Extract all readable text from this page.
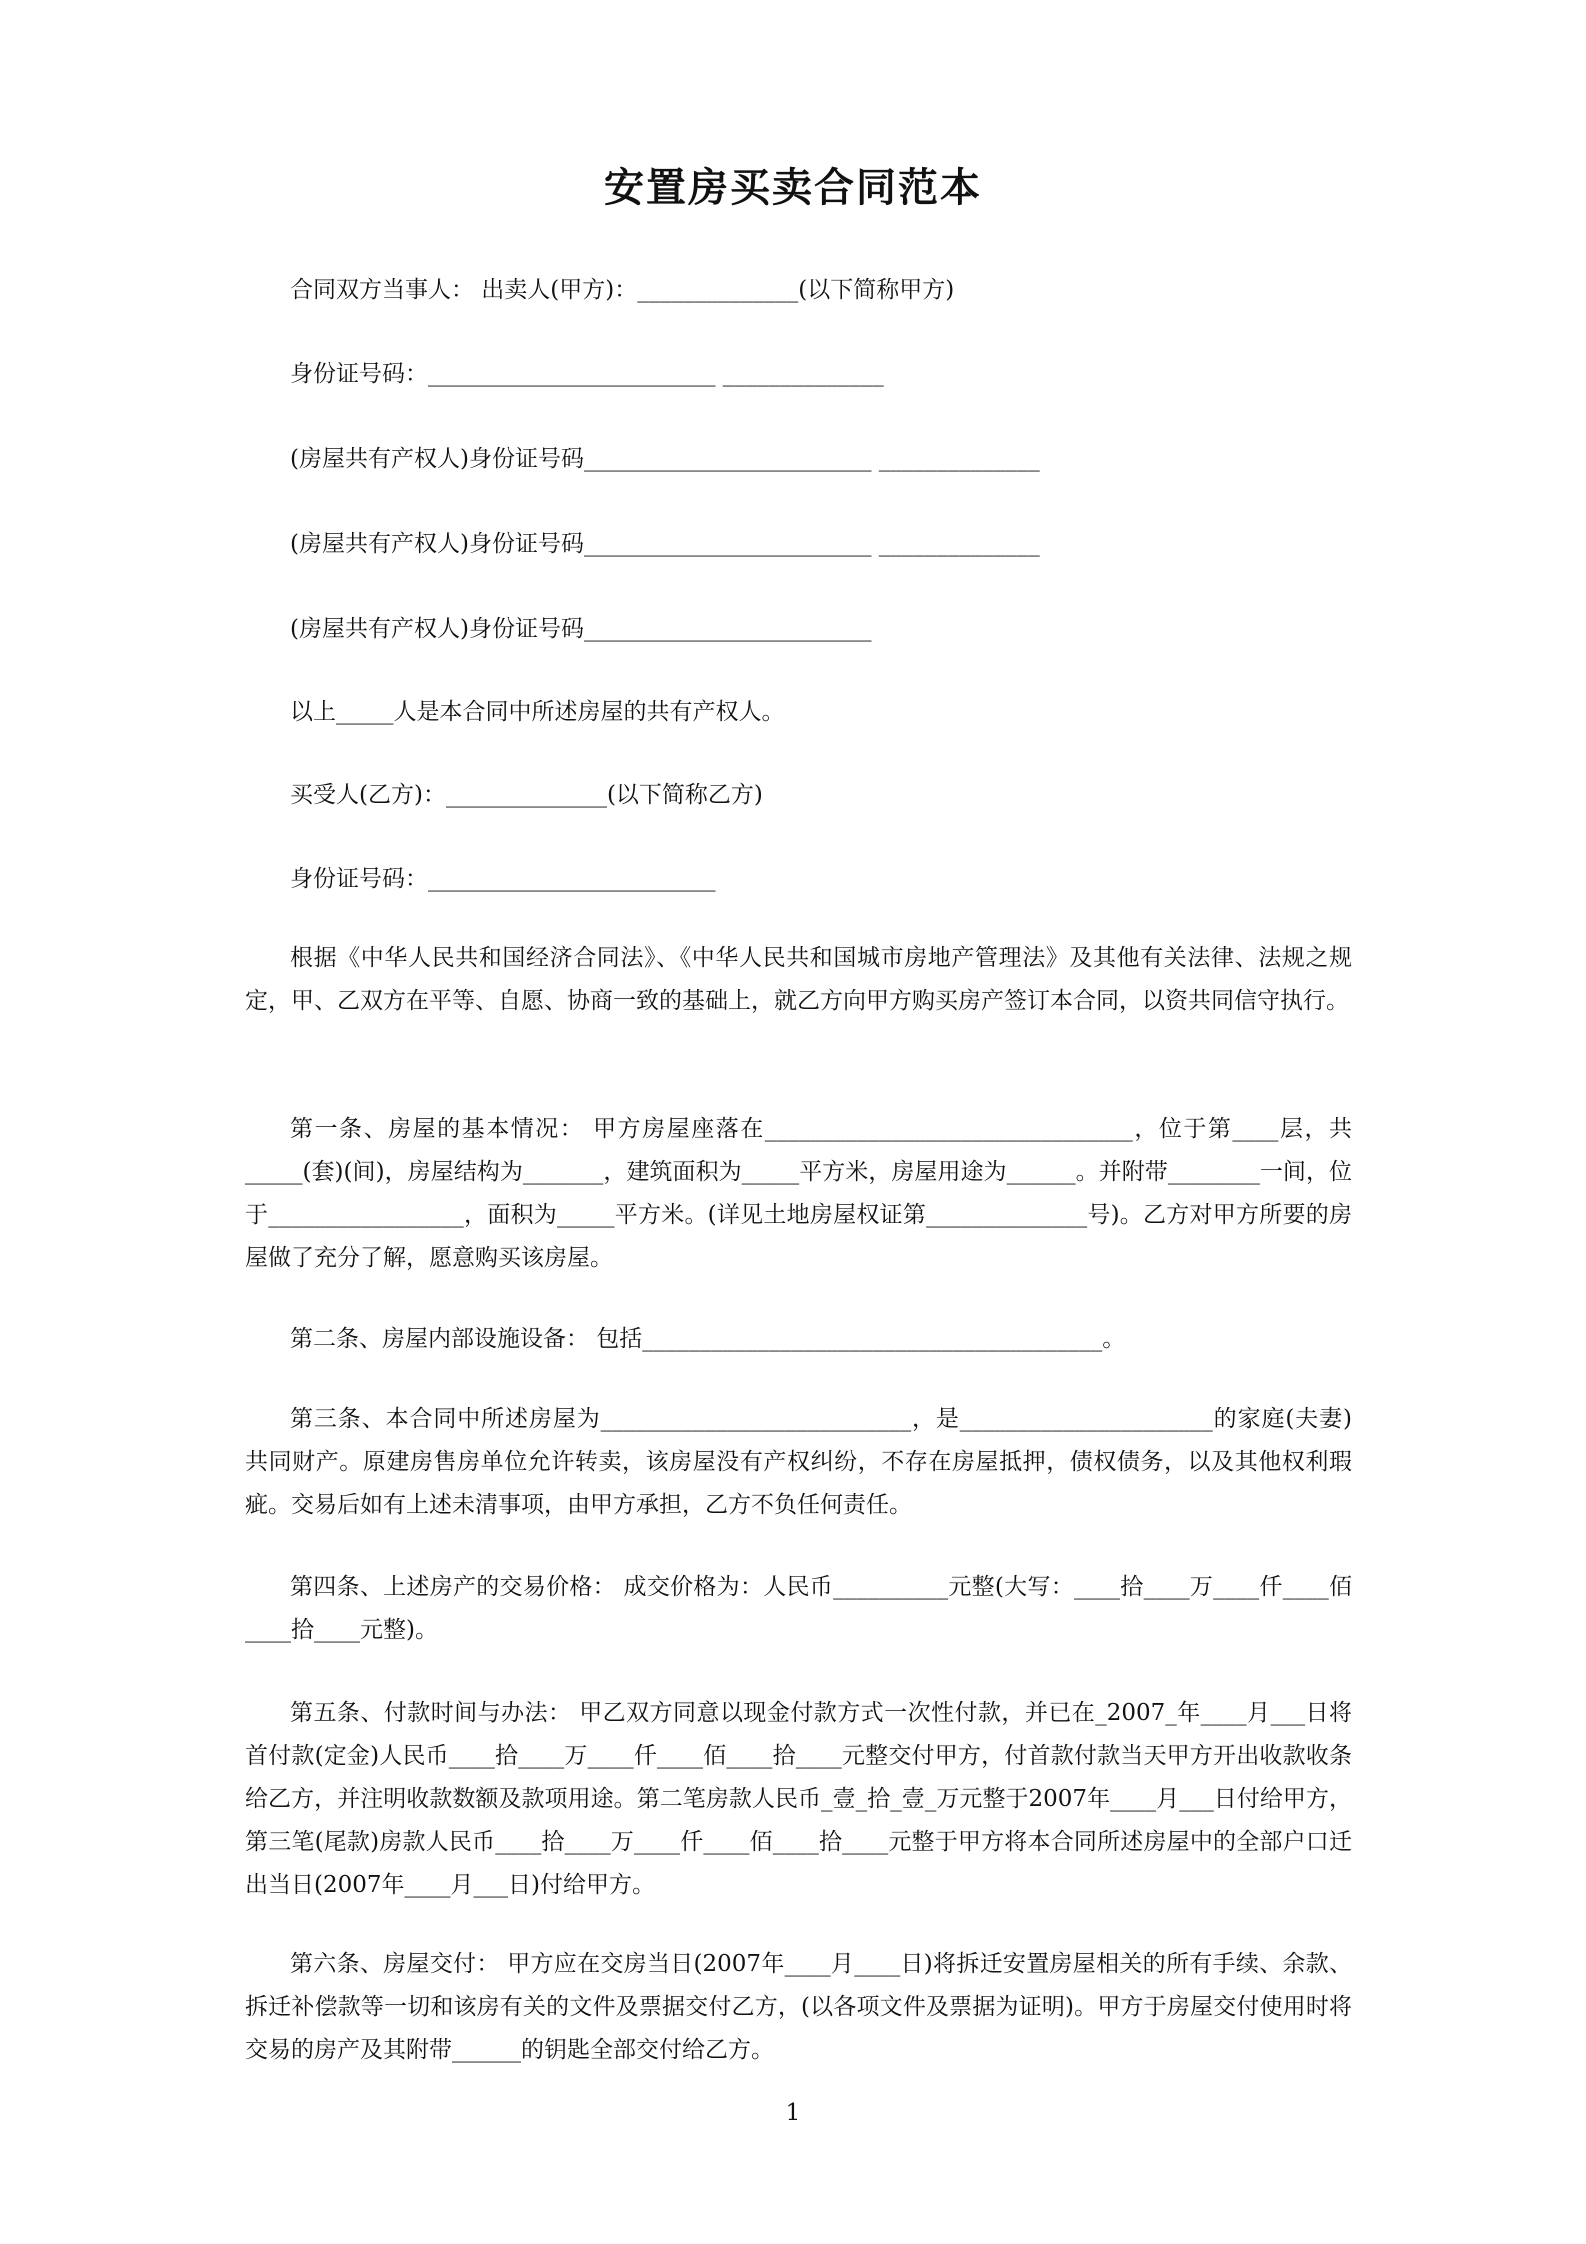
安置房买卖合同范本
合同双方当事人： 出卖人(甲方)：______________(以下简称甲方)
身份证号码：_________________________ ______________
(房屋共有产权人)身份证号码_________________________ ______________
(房屋共有产权人)身份证号码_________________________ ______________
(房屋共有产权人)身份证号码_________________________
以上_____人是本合同中所述房屋的共有产权人。
买受人(乙方)：______________(以下简称乙方)
身份证号码：_________________________
根据《中华人民共和国经济合同法》、《中华人民共和国城市房地产管理法》及其他有关法律、法规之规定，甲、乙双方在平等、自愿、协商一致的基础上，就乙方向甲方购买房产签订本合同，以资共同信守执行。
第一条、房屋的基本情况： 甲方房屋座落在________________________________，位于第____层，共_____(套)(间)，房屋结构为_______，建筑面积为_____平方米，房屋用途为______。并附带________一间，位于_________________，面积为_____平方米。(详见土地房屋权证第______________号)。乙方对甲方所要的房屋做了充分了解，愿意购买该房屋。
第二条、房屋内部设施设备： 包括________________________________________。
第三条、本合同中所述房屋为___________________________，是______________________的家庭(夫妻)共同财产。原建房售房单位允许转卖，该房屋没有产权纠纷，不存在房屋抵押，债权债务，以及其他权利瑕疵。交易后如有上述未清事项，由甲方承担，乙方不负任何责任。
第四条、上述房产的交易价格： 成交价格为：人民币__________元整(大写：____拾____万____仟____佰____拾____元整)。
第五条、付款时间与办法： 甲乙双方同意以现金付款方式一次性付款，并已在_2007_年____月___日将首付款(定金)人民币____拾____万____仟____佰____拾____元整交付甲方，付首款付款当天甲方开出收款收条给乙方，并注明收款数额及款项用途。第二笔房款人民币_壹_拾_壹_万元整于2007年____月___日付给甲方，第三笔(尾款)房款人民币____拾____万____仟____佰____拾____元整于甲方将本合同所述房屋中的全部户口迁出当日(2007年____月___日)付给甲方。
第六条、房屋交付： 甲方应在交房当日(2007年____月____日)将拆迁安置房屋相关的所有手续、余款、拆迁补偿款等一切和该房有关的文件及票据交付乙方，(以各项文件及票据为证明)。甲方于房屋交付使用时将交易的房产及其附带______的钥匙全部交付给乙方。
1
